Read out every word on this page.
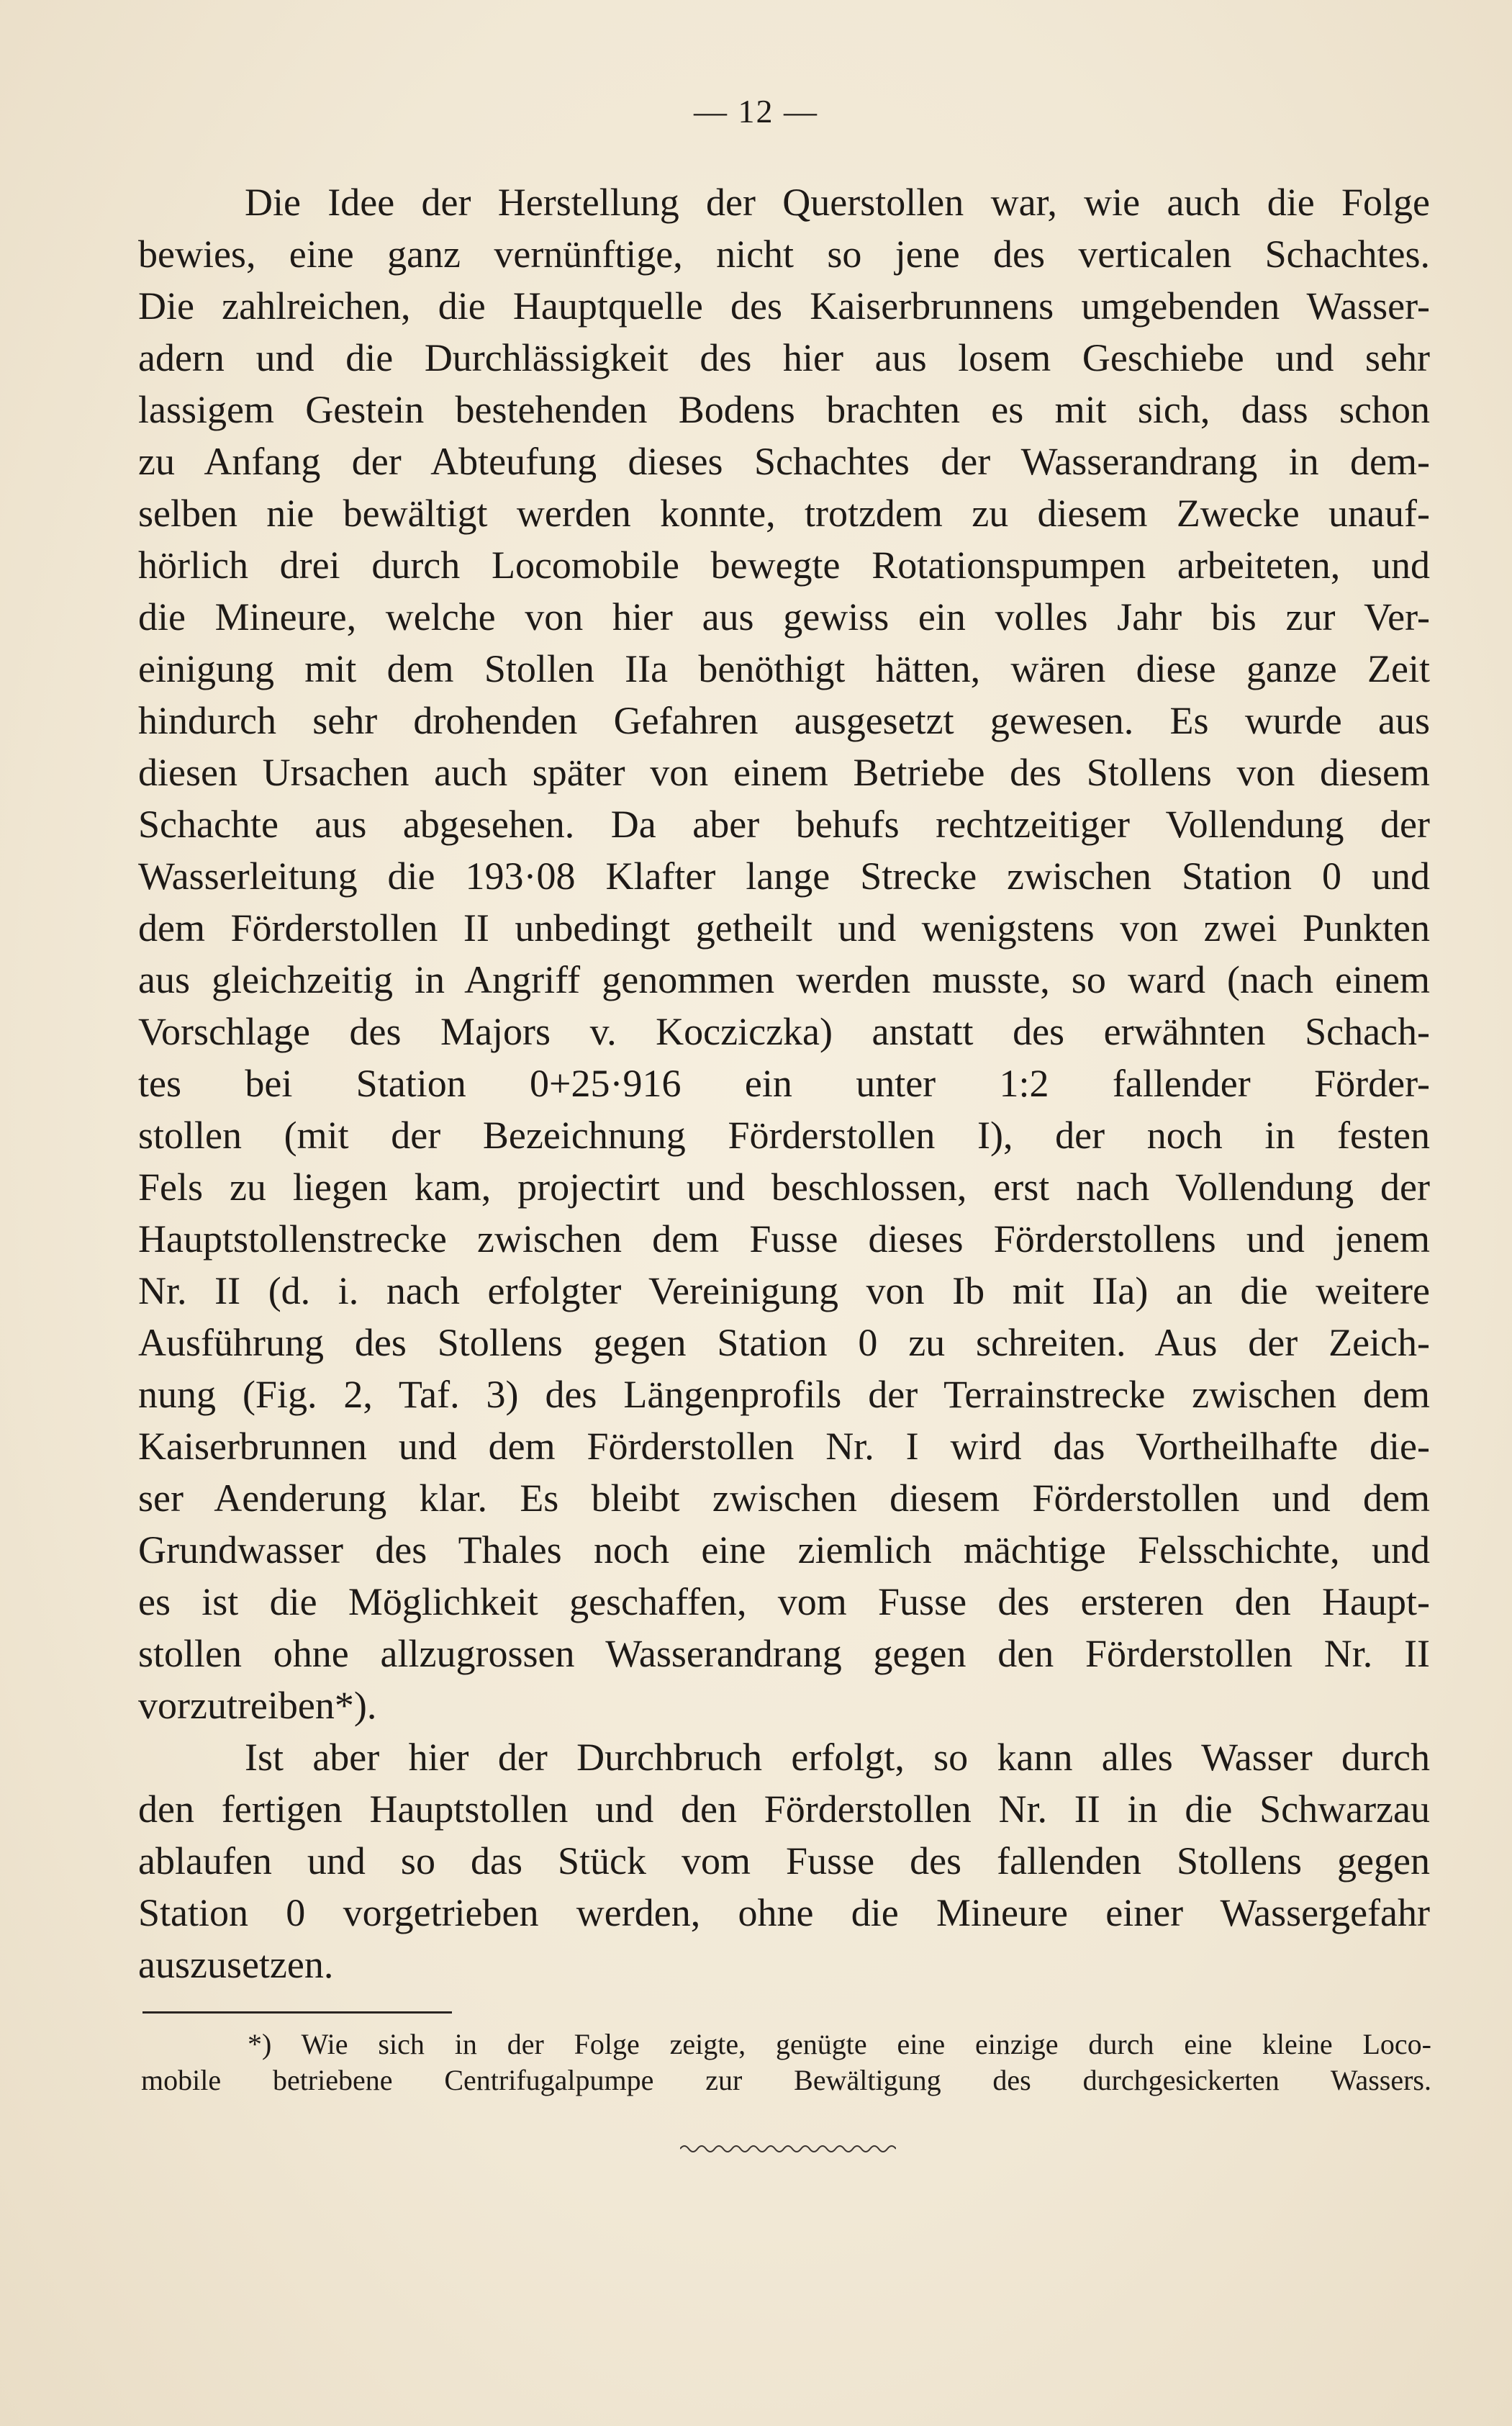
— 12 —
Die Idee der Herstellung der Querstollen war, wie auch die Folge
bewies, eine ganz vernünftige, nicht so jene des verticalen Schachtes.
Die zahlreichen, die Hauptquelle des Kaiserbrunnens umgebenden Wasser-
adern und die Durchlässigkeit des hier aus losem Geschiebe und sehr
lassigem Gestein bestehenden Bodens brachten es mit sich, dass schon
zu Anfang der Abteufung dieses Schachtes der Wasserandrang in dem-
selben nie bewältigt werden konnte, trotzdem zu diesem Zwecke unauf-
hörlich drei durch Locomobile bewegte Rotationspumpen arbeiteten, und
die Mineure, welche von hier aus gewiss ein volles Jahr bis zur Ver-
einigung mit dem Stollen IIa benöthigt hätten, wären diese ganze Zeit
hindurch sehr drohenden Gefahren ausgesetzt gewesen. Es wurde aus
diesen Ursachen auch später von einem Betriebe des Stollens von diesem
Schachte aus abgesehen. Da aber behufs rechtzeitiger Vollendung der
Wasserleitung die 193·08 Klafter lange Strecke zwischen Station 0 und
dem Förderstollen II unbedingt getheilt und wenigstens von zwei Punkten
aus gleichzeitig in Angriff genommen werden musste, so ward (nach einem
Vorschlage des Majors v. Kocziczka) anstatt des erwähnten Schach-
tes bei Station 0+25·916 ein unter 1:2 fallender Förder-
stollen (mit der Bezeichnung Förderstollen I), der noch in festen
Fels zu liegen kam, projectirt und beschlossen, erst nach Vollendung der
Hauptstollenstrecke zwischen dem Fusse dieses Förderstollens und jenem
Nr. II (d. i. nach erfolgter Vereinigung von Ib mit IIa) an die weitere
Ausführung des Stollens gegen Station 0 zu schreiten. Aus der Zeich-
nung (Fig. 2, Taf. 3) des Längenprofils der Terrainstrecke zwischen dem
Kaiserbrunnen und dem Förderstollen Nr. I wird das Vortheilhafte die-
ser Aenderung klar. Es bleibt zwischen diesem Förderstollen und dem
Grundwasser des Thales noch eine ziemlich mächtige Felsschichte, und
es ist die Möglichkeit geschaffen, vom Fusse des ersteren den Haupt-
stollen ohne allzugrossen Wasserandrang gegen den Förderstollen Nr. II
vorzutreiben*).
Ist aber hier der Durchbruch erfolgt, so kann alles Wasser durch
den fertigen Hauptstollen und den Förderstollen Nr. II in die Schwarzau
ablaufen und so das Stück vom Fusse des fallenden Stollens gegen
Station 0 vorgetrieben werden, ohne die Mineure einer Wassergefahr
auszusetzen.
*) Wie sich in der Folge zeigte, genügte eine einzige durch eine kleine Loco-
mobile betriebene Centrifugalpumpe zur Bewältigung des durchgesickerten Wassers.
